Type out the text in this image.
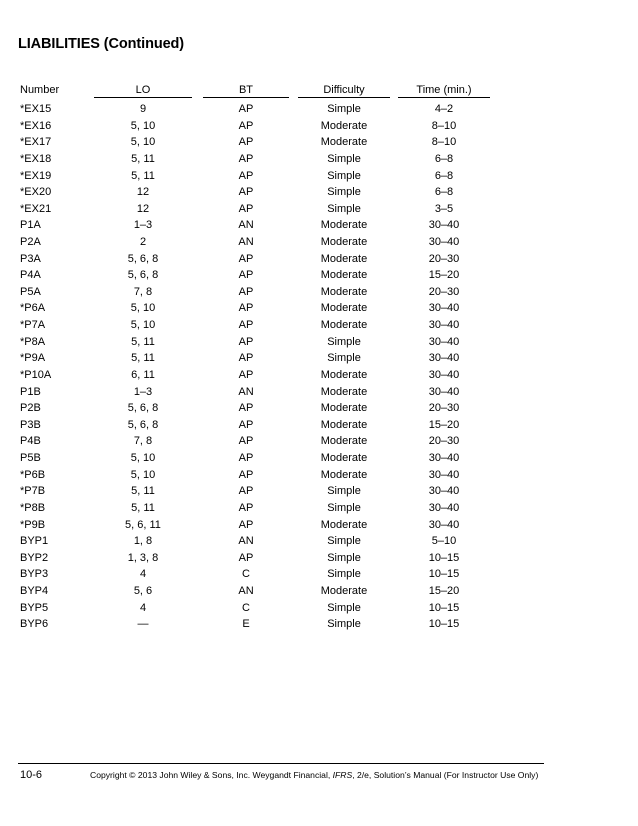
LIABILITIES (Continued)
Number	LO	BT	Difficulty	Time (min.)
*EX15	9	AP	Simple	4–2
*EX16	5, 10	AP	Moderate	8–10
*EX17	5, 10	AP	Moderate	8–10
*EX18	5, 11	AP	Simple	6–8
*EX19	5, 11	AP	Simple	6–8
*EX20	12	AP	Simple	6–8
*EX21	12	AP	Simple	3–5
P1A	1–3	AN	Moderate	30–40
P2A	2	AN	Moderate	30–40
P3A	5, 6, 8	AP	Moderate	20–30
P4A	5, 6, 8	AP	Moderate	15–20
P5A	7, 8	AP	Moderate	20–30
*P6A	5, 10	AP	Moderate	30–40
*P7A	5, 10	AP	Moderate	30–40
*P8A	5, 11	AP	Simple	30–40
*P9A	5, 11	AP	Simple	30–40
*P10A	6, 11	AP	Moderate	30–40
P1B	1–3	AN	Moderate	30–40
P2B	5, 6, 8	AP	Moderate	20–30
P3B	5, 6, 8	AP	Moderate	15–20
P4B	7, 8	AP	Moderate	20–30
P5B	5, 10	AP	Moderate	30–40
*P6B	5, 10	AP	Moderate	30–40
*P7B	5, 11	AP	Simple	30–40
*P8B	5, 11	AP	Simple	30–40
*P9B	5, 6, 11	AP	Moderate	30–40
BYP1	1, 8	AN	Simple	5–10
BYP2	1, 3, 8	AP	Simple	10–15
BYP3	4	C	Simple	10–15
BYP4	5, 6	AN	Moderate	15–20
BYP5	4	C	Simple	10–15
BYP6	—	E	Simple	10–15
10-6	Copyright © 2013 John Wiley & Sons, Inc. Weygandt Financial, IFRS, 2/e, Solution’s Manual (For Instructor Use Only)
